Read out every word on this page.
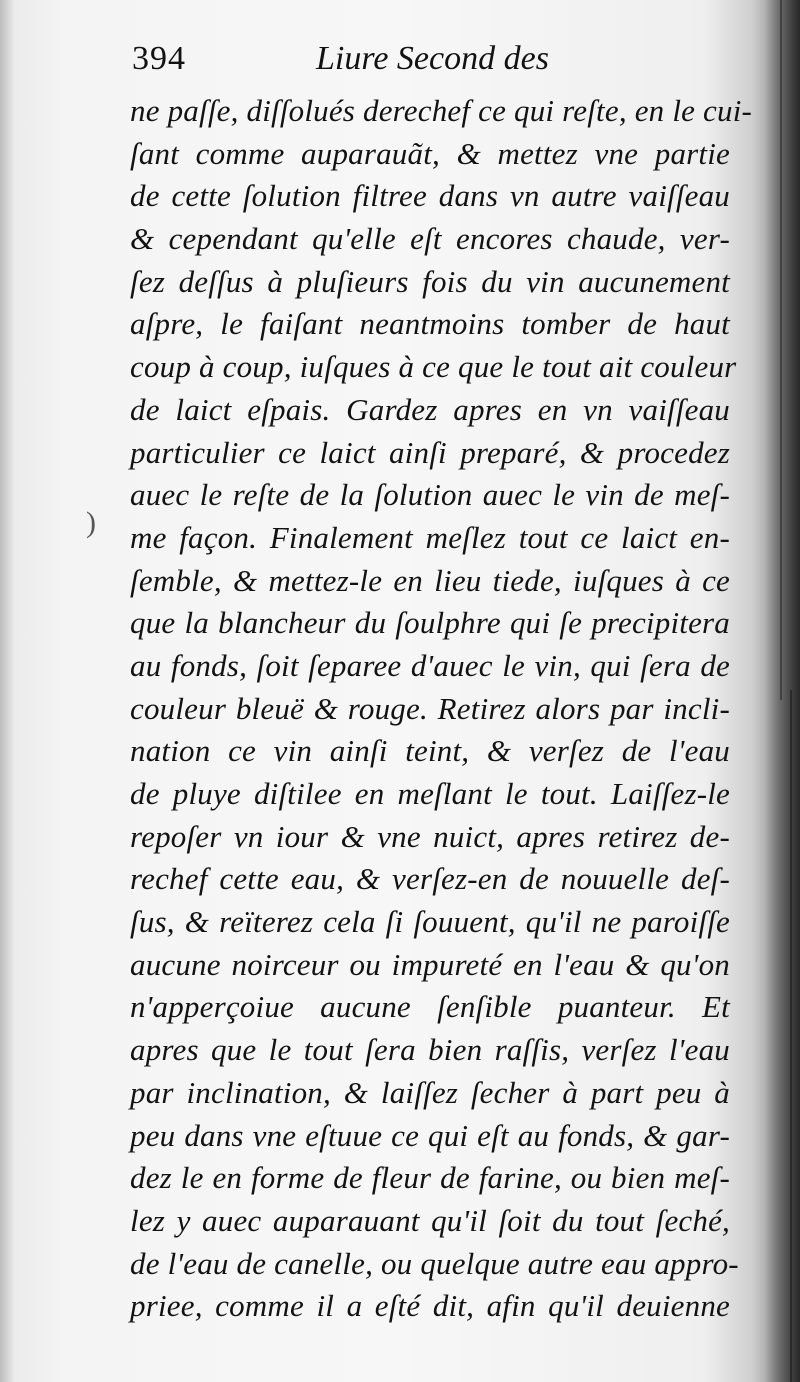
)
394	Liure Second des
ne paſſe, diſſolués derechef ce qui reſte, en le cui-
ſant comme auparauãt, & mettez vne partie
de cette ſolution filtree dans vn autre vaiſſeau
& cependant qu'elle eſt encores chaude, ver-
ſez deſſus à pluſieurs fois du vin aucunement
aſpre, le faiſant neantmoins tomber de haut
coup à coup, iuſques à ce que le tout ait couleur
de laict eſpais. Gardez apres en vn vaiſſeau
particulier ce laict ainſi preparé, & procedez
auec le reſte de la ſolution auec le vin de meſ-
me façon. Finalement meſlez tout ce laict en-
ſemble, & mettez-le en lieu tiede, iuſques à ce
que la blancheur du ſoulphre qui ſe precipitera
au fonds, ſoit ſeparee d'auec le vin, qui ſera de
couleur bleuë & rouge. Retirez alors par incli-
nation ce vin ainſi teint, & verſez de l'eau
de pluye diſtilee en meſlant le tout. Laiſſez-le
repoſer vn iour & vne nuict, apres retirez de-
rechef cette eau, & verſez-en de nouuelle deſ-
ſus, & reïterez cela ſi ſouuent, qu'il ne paroiſſe
aucune noirceur ou impureté en l'eau & qu'on
n'apperçoiue aucune ſenſible puanteur. Et
apres que le tout ſera bien raſſis, verſez l'eau
par inclination, & laiſſez ſecher à part peu à
peu dans vne eſtuue ce qui eſt au fonds, & gar-
dez le en forme de fleur de farine, ou bien meſ-
lez y auec auparauant qu'il ſoit du tout ſeché,
de l'eau de canelle, ou quelque autre eau appro-
priee, comme il a eſté dit, afin qu'il deuienne
